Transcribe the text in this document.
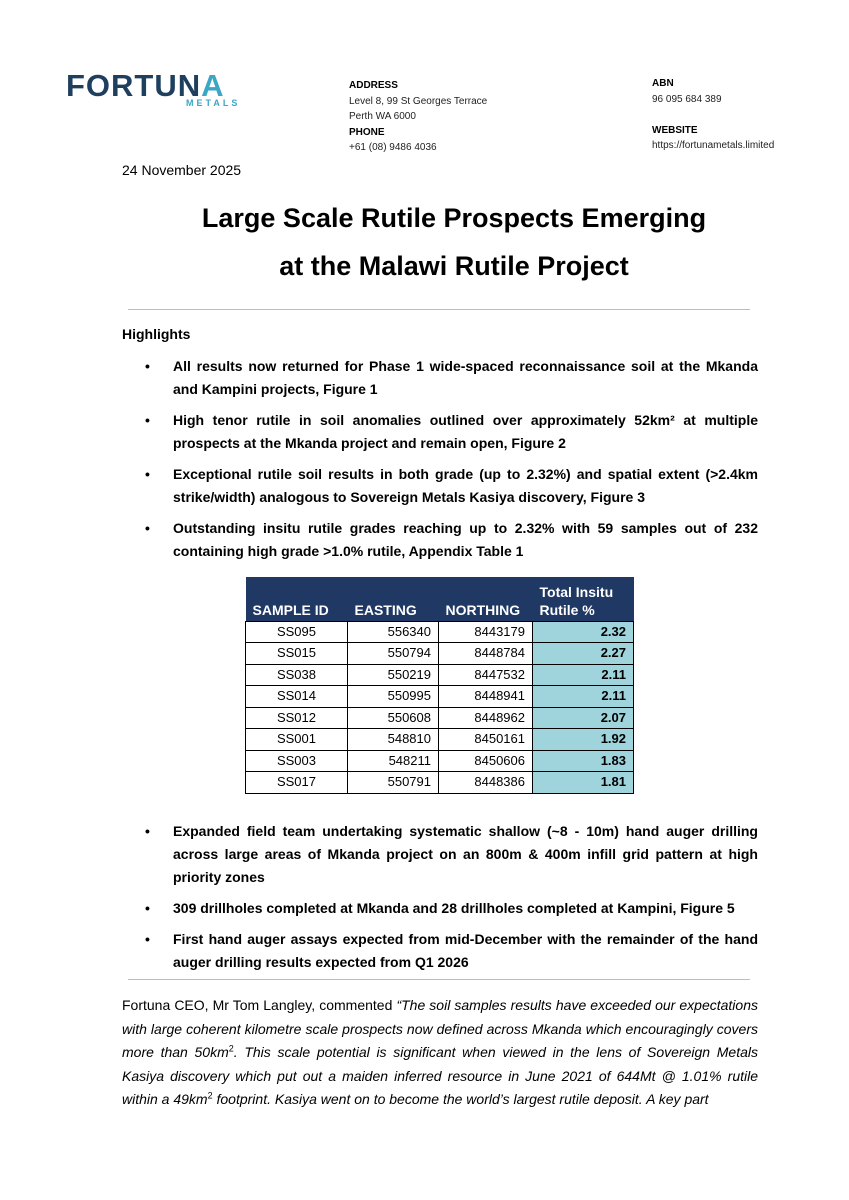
FORTUNA
METALS
ADDRESS
Level 8, 99 St Georges Terrace
Perth WA 6000
PHONE
+61 (08) 9486 4036
ABN
96 095 684 389
WEBSITE
https://fortunametals.limited
24 November 2025
Large Scale Rutile Prospects Emerging
at the Malawi Rutile Project
Highlights
• All results now returned for Phase 1 wide-spaced reconnaissance soil at the Mkanda and Kampini projects, Figure 1
• High tenor rutile in soil anomalies outlined over approximately 52km² at multiple prospects at the Mkanda project and remain open, Figure 2
• Exceptional rutile soil results in both grade (up to 2.32%) and spatial extent (>2.4km strike/width) analogous to Sovereign Metals Kasiya discovery, Figure 3
• Outstanding insitu rutile grades reaching up to 2.32% with 59 samples out of 232 containing high grade >1.0% rutile, Appendix Table 1
SAMPLE ID	EASTING	NORTHING	Total Insitu Rutile %
SS095	556340	8443179	2.32
SS015	550794	8448784	2.27
SS038	550219	8447532	2.11
SS014	550995	8448941	2.11
SS012	550608	8448962	2.07
SS001	548810	8450161	1.92
SS003	548211	8450606	1.83
SS017	550791	8448386	1.81
• Expanded field team undertaking systematic shallow (~8 - 10m) hand auger drilling across large areas of Mkanda project on an 800m & 400m infill grid pattern at high priority zones
• 309 drillholes completed at Mkanda and 28 drillholes completed at Kampini, Figure 5
• First hand auger assays expected from mid-December with the remainder of the hand auger drilling results expected from Q1 2026

Fortuna CEO, Mr Tom Langley, commented “The soil samples results have exceeded our expectations with large coherent kilometre scale prospects now defined across Mkanda which encouragingly covers more than $50km^2$. This scale potential is significant when viewed in the lens of Sovereign Metals Kasiya discovery which put out a maiden inferred resource in June 2021 of 644Mt @ 1.01% rutile within a $49km^2$ footprint. Kasiya went on to become the world’s largest rutile deposit. A key part
